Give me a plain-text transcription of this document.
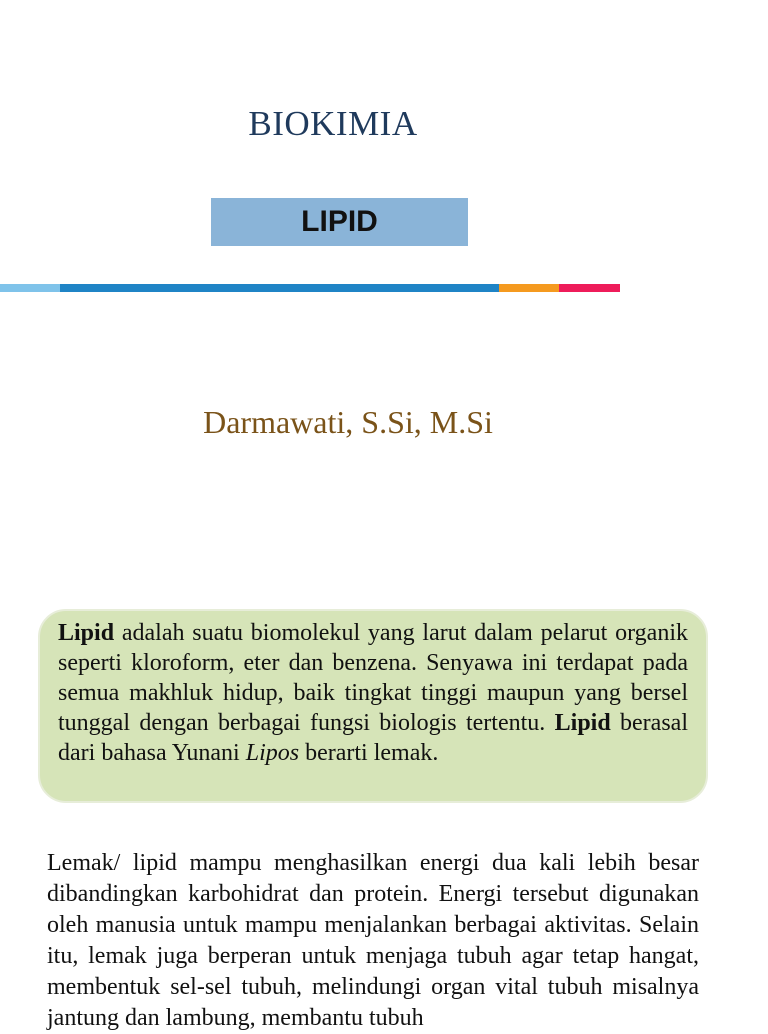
BIOKIMIA
LIPID
Darmawati, S.Si, M.Si
Lipid adalah suatu biomolekul yang larut dalam pelarut organik seperti kloroform, eter dan benzena. Senyawa ini terdapat pada semua makhluk hidup, baik tingkat tinggi maupun yang bersel tunggal dengan berbagai fungsi biologis tertentu. Lipid berasal dari bahasa Yunani Lipos berarti lemak.
Lemak/ lipid mampu menghasilkan energi dua kali lebih besar dibandingkan karbohidrat dan protein. Energi tersebut digunakan oleh manusia untuk mampu menjalankan berbagai aktivitas. Selain itu, lemak juga berperan untuk menjaga tubuh agar tetap hangat, membentuk sel-sel tubuh, melindungi organ vital tubuh misalnya jantung dan lambung, membantu tubuh
